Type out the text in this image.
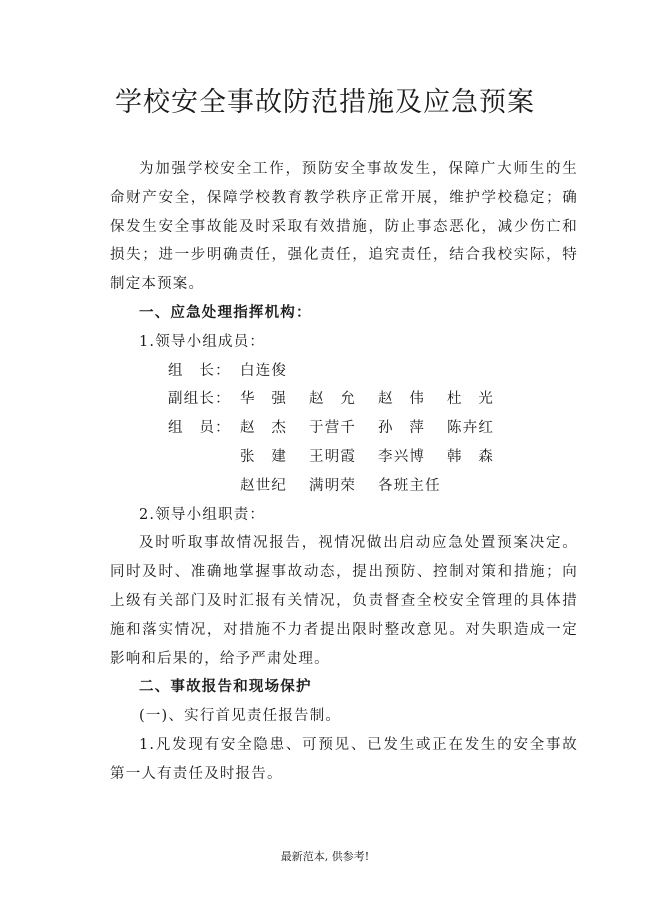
学校安全事故防范措施及应急预案

为加强学校安全工作，预防安全事故发生，保障广大师生的生命财产安全，保障学校教育教学秩序正常开展，维护学校稳定；确保发生安全事故能及时采取有效措施，防止事态恶化，减少伤亡和损失；进一步明确责任，强化责任，追究责任，结合我校实际，特制定本预案。

一、应急处理指挥机构：

1.领导小组成员：

组　长： 白连俊
副组长： 华　强	赵　允	赵　伟	杜　光
组　员： 赵　杰	于营千	孙　萍	陈卉红
张　建	王明霞	李兴博	韩　森
赵世纪	满明荣	各班主任

2.领导小组职责：

及时听取事故情况报告，视情况做出启动应急处置预案决定。同时及时、准确地掌握事故动态，提出预防、控制对策和措施；向上级有关部门及时汇报有关情况，负责督查全校安全管理的具体措施和落实情况，对措施不力者提出限时整改意见。对失职造成一定影响和后果的，给予严肃处理。

二、事故报告和现场保护

(一)、实行首见责任报告制。

1.凡发现有安全隐患、可预见、已发生或正在发生的安全事故第一人有责任及时报告。

最新范本, 供参考!
